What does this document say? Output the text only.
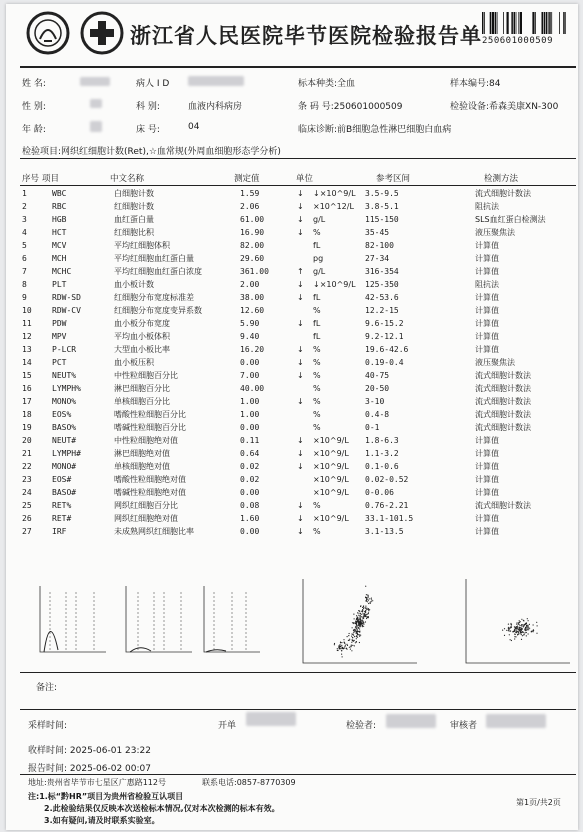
浙江省人民医院毕节医院检验报告单 250601000509
姓 名:
性 别:
年 龄:
病人 I D
科 别:	血液内科病房
床 号:	04
标本种类:全血
条 码 号:250601000509
临床诊断:前B细胞急性淋巴细胞白血病
样本编号:84
检验设备:希森美康XN-300
检验项目:网织红细胞计数(Ret),☆血常规(外周血细胞形态学分析)
序号 项目	中文名称	测定值	单位	参考区间	检测方法
1	WBC	白细胞计数	1.59	↓	↓×10^9/L	3.5-9.5	流式细胞计数法
2	RBC	红细胞计数	2.06	↓	×10^12/L	3.8-5.1	阻抗法
3	HGB	血红蛋白量	61.00	↓	g/L	115-150	SLS血红蛋白检测法
4	HCT	红细胞比积	16.90	↓	%	35-45	液压聚焦法
5	MCV	平均红细胞体积	82.00		fL	82-100	计算值
6	MCH	平均红细胞血红蛋白量	29.60		pg	27-34	计算值
7	MCHC	平均红细胞血红蛋白浓度	361.00	↑	g/L	316-354	计算值
8	PLT	血小板计数	2.00	↓	↓×10^9/L	125-350	阻抗法
9	RDW-SD	红细胞分布宽度标准差	38.00	↓	fL	42-53.6	计算值
10	RDW-CV	红细胞分布宽度变异系数	12.60		%	12.2-15	计算值
11	PDW	血小板分布宽度	5.90	↓	fL	9.6-15.2	计算值
12	MPV	平均血小板体积	9.40		fL	9.2-12.1	计算值
13	P-LCR	大型血小板比率	16.20	↓	%	19.6-42.6	计算值
14	PCT	血小板压积	0.00	↓	%	0.19-0.4	液压聚焦法
15	NEUT%	中性粒细胞百分比	7.00	↓	%	40-75	流式细胞计数法
16	LYMPH%	淋巴细胞百分比	40.00		%	20-50	流式细胞计数法
17	MONO%	单核细胞百分比	1.00	↓	%	3-10	流式细胞计数法
18	EOS%	嗜酸性粒细胞百分比	1.00		%	0.4-8	流式细胞计数法
19	BASO%	嗜碱性粒细胞百分比	0.00		%	0-1	流式细胞计数法
20	NEUT#	中性粒细胞绝对值	0.11	↓	×10^9/L	1.8-6.3	计算值
21	LYMPH#	淋巴细胞绝对值	0.64	↓	×10^9/L	1.1-3.2	计算值
22	MONO#	单核细胞绝对值	0.02	↓	×10^9/L	0.1-0.6	计算值
23	EOS#	嗜酸性粒细胞绝对值	0.02		×10^9/L	0.02-0.52	计算值
24	BASO#	嗜碱性粒细胞绝对值	0.00		×10^9/L	0-0.06	计算值
25	RET%	网织红细胞百分比	0.08	↓	%	0.76-2.21	流式细胞计数法
26	RET#	网织红细胞绝对值	1.60	↓	×10^9/L	33.1-101.5	计算值
27	IRF	未成熟网织红细胞比率	0.00	↓	%	3.1-13.5	计算值
备注:
采样时间:	开单	检验者:	审核者
收样时间: 2025-06-01 23:22
报告时间: 2025-06-02 00:07
地址:贵州省毕节市七星区广惠路112号	联系电话:0857-8770309
注:1.标“黔HR”项目为贵州省检验互认项目
2.此检验结果仅反映本次送检标本情况,仅对本次检测的标本有效。
3.如有疑问,请及时联系实验室。
第1页/共2页
